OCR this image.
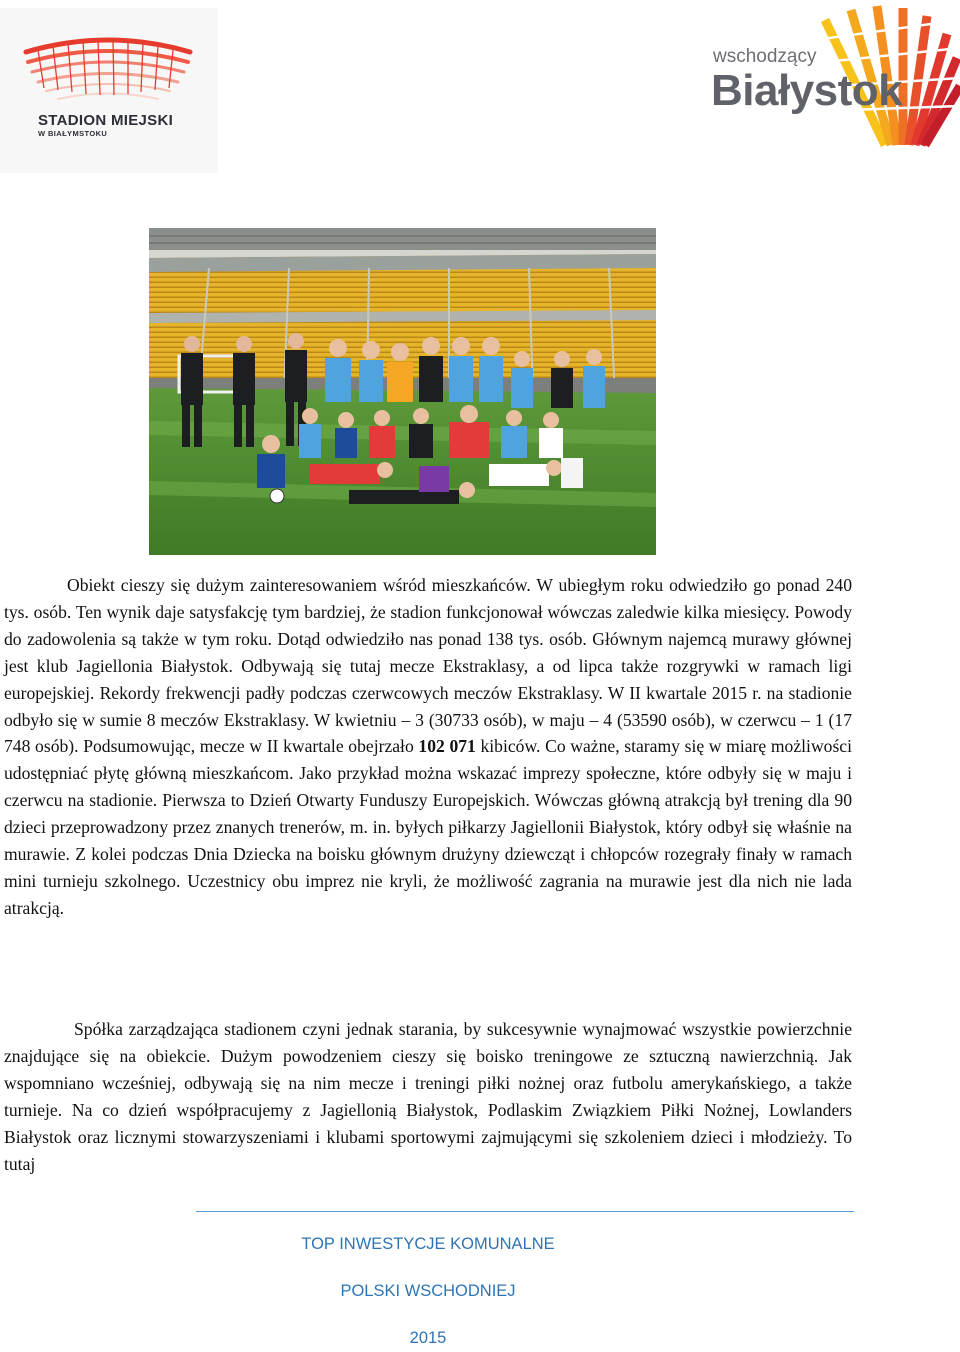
STADION MIEJSKI
W BIAŁYMSTOKU
wschodzący
Białystok
Obiekt cieszy się dużym zainteresowaniem wśród mieszkańców. W ubiegłym roku odwiedziło go ponad 240 tys. osób. Ten wynik daje satysfakcję tym bardziej, że stadion funkcjonował wówczas zaledwie kilka miesięcy. Powody do zadowolenia są także w tym roku. Dotąd odwiedziło nas ponad 138 tys. osób. Głównym najemcą murawy głównej jest klub Jagiellonia Białystok. Odbywają się tutaj mecze Ekstraklasy, a od lipca także rozgrywki w ramach ligi europejskiej. Rekordy frekwencji padły podczas czerwcowych meczów Ekstraklasy. W II kwartale 2015 r. na stadionie odbyło się w sumie 8 meczów Ekstraklasy. W kwietniu – 3 (30733 osób), w maju – 4 (53590 osób), w czerwcu – 1 (17 748 osób). Podsumowując, mecze w II kwartale obejrzało 102 071 kibiców. Co ważne, staramy się w miarę możliwości udostępniać płytę główną mieszkańcom. Jako przykład można wskazać imprezy społeczne, które odbyły się w maju i czerwcu na stadionie. Pierwsza to Dzień Otwarty Funduszy Europejskich. Wówczas główną atrakcją był trening dla 90 dzieci przeprowadzony przez znanych trenerów, m. in. byłych piłkarzy Jagiellonii Białystok, który odbył się właśnie na murawie. Z kolei podczas Dnia Dziecka na boisku głównym drużyny dziewcząt i chłopców rozegrały finały w ramach mini turnieju szkolnego. Uczestnicy obu imprez nie kryli, że możliwość zagrania na murawie jest dla nich nie lada atrakcją.
Spółka zarządzająca stadionem czyni jednak starania, by sukcesywnie wynajmować wszystkie powierzchnie znajdujące się na obiekcie. Dużym powodzeniem cieszy się boisko treningowe ze sztuczną nawierzchnią. Jak wspomniano wcześniej, odbywają się na nim mecze i treningi piłki nożnej oraz futbolu amerykańskiego, a także turnieje. Na co dzień współpracujemy z Jagiellonią Białystok, Podlaskim Związkiem Piłki Nożnej, Lowlanders Białystok oraz licznymi stowarzyszeniami i klubami sportowymi zajmującymi się szkoleniem dzieci i młodzieży. To tutaj
TOP INWESTYCJE KOMUNALNE
POLSKI WSCHODNIEJ
2015
